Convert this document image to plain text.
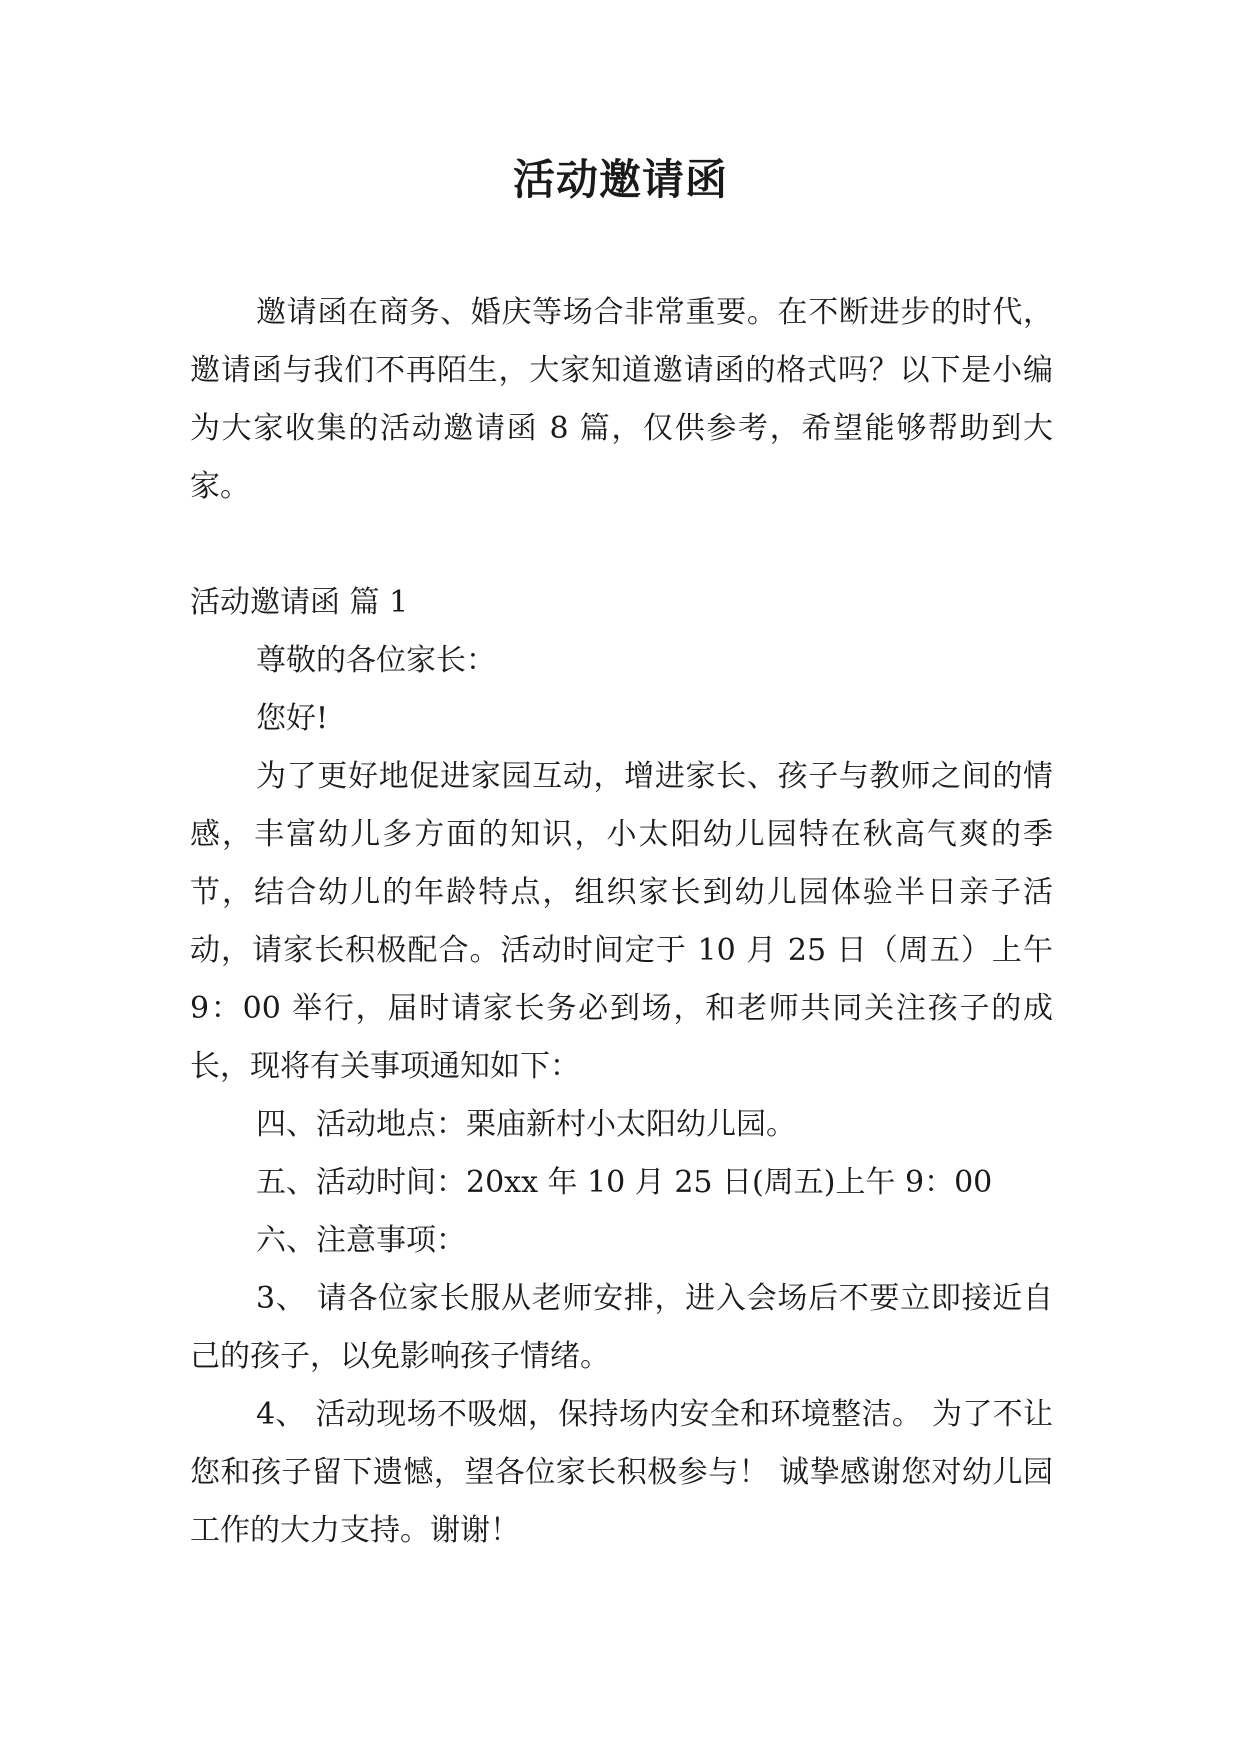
活动邀请函

邀请函在商务、婚庆等场合非常重要。在不断进步的时代，邀请函与我们不再陌生，大家知道邀请函的格式吗？以下是小编为大家收集的活动邀请函 8 篇，仅供参考，希望能够帮助到大家。

活动邀请函 篇 1

尊敬的各位家长：

您好!

为了更好地促进家园互动，增进家长、孩子与教师之间的情感，丰富幼儿多方面的知识，小太阳幼儿园特在秋高气爽的季节，结合幼儿的年龄特点，组织家长到幼儿园体验半日亲子活动，请家长积极配合。活动时间定于 10 月 25 日（周五）上午 9：00 举行，届时请家长务必到场，和老师共同关注孩子的成长，现将有关事项通知如下：

四、活动地点：栗庙新村小太阳幼儿园。

五、活动时间：20xx 年 10 月 25 日(周五)上午 9：00

六、注意事项：

3、 请各位家长服从老师安排，进入会场后不要立即接近自己的孩子，以免影响孩子情绪。

4、 活动现场不吸烟，保持场内安全和环境整洁。 为了不让您和孩子留下遗憾，望各位家长积极参与！ 诚挚感谢您对幼儿园工作的大力支持。谢谢！
